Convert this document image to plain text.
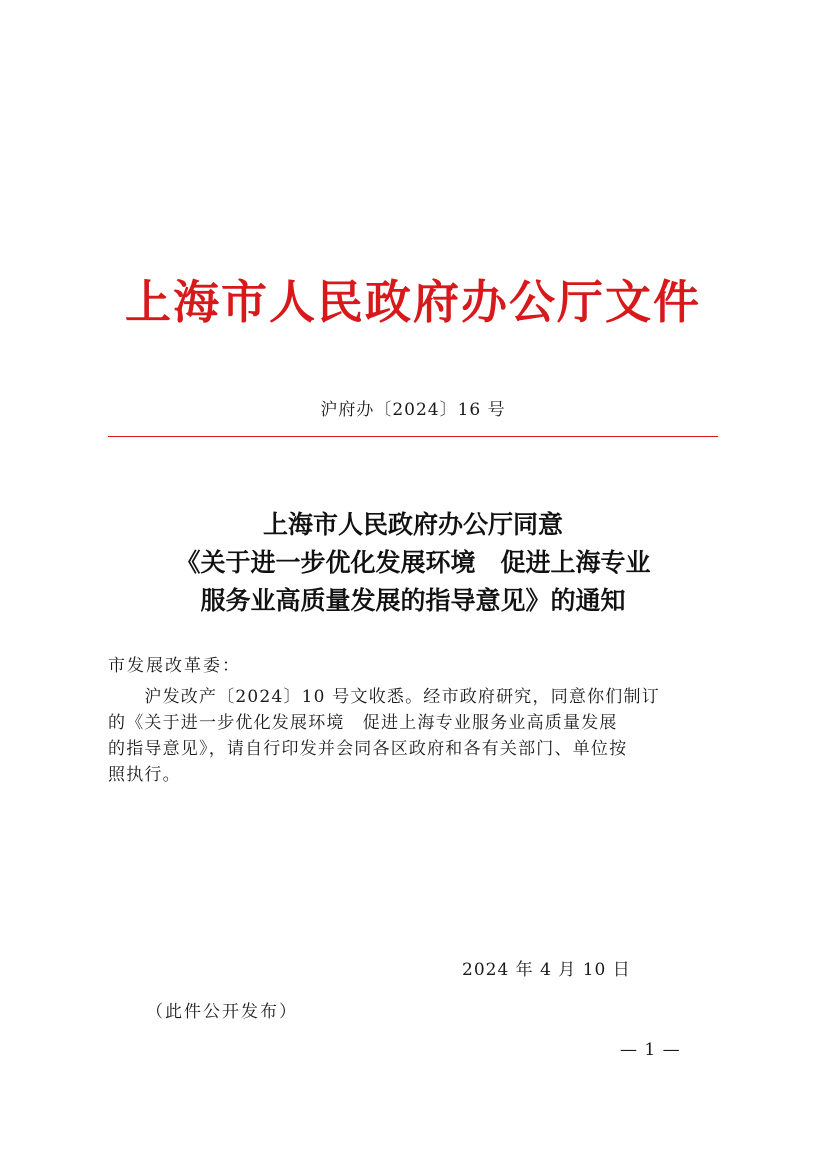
上海市人民政府办公厅文件
沪府办〔2024〕16 号
上海市人民政府办公厅同意
《关于进一步优化发展环境　促进上海专业
服务业高质量发展的指导意见》的通知
市发展改革委：
　　沪发改产〔2024〕10 号文收悉。经市政府研究，同意你们制订
的《关于进一步优化发展环境　促进上海专业服务业高质量发展
的指导意见》，请自行印发并会同各区政府和各有关部门、单位按
照执行。
2024 年 4 月 10 日
（此件公开发布）
— 1 —
